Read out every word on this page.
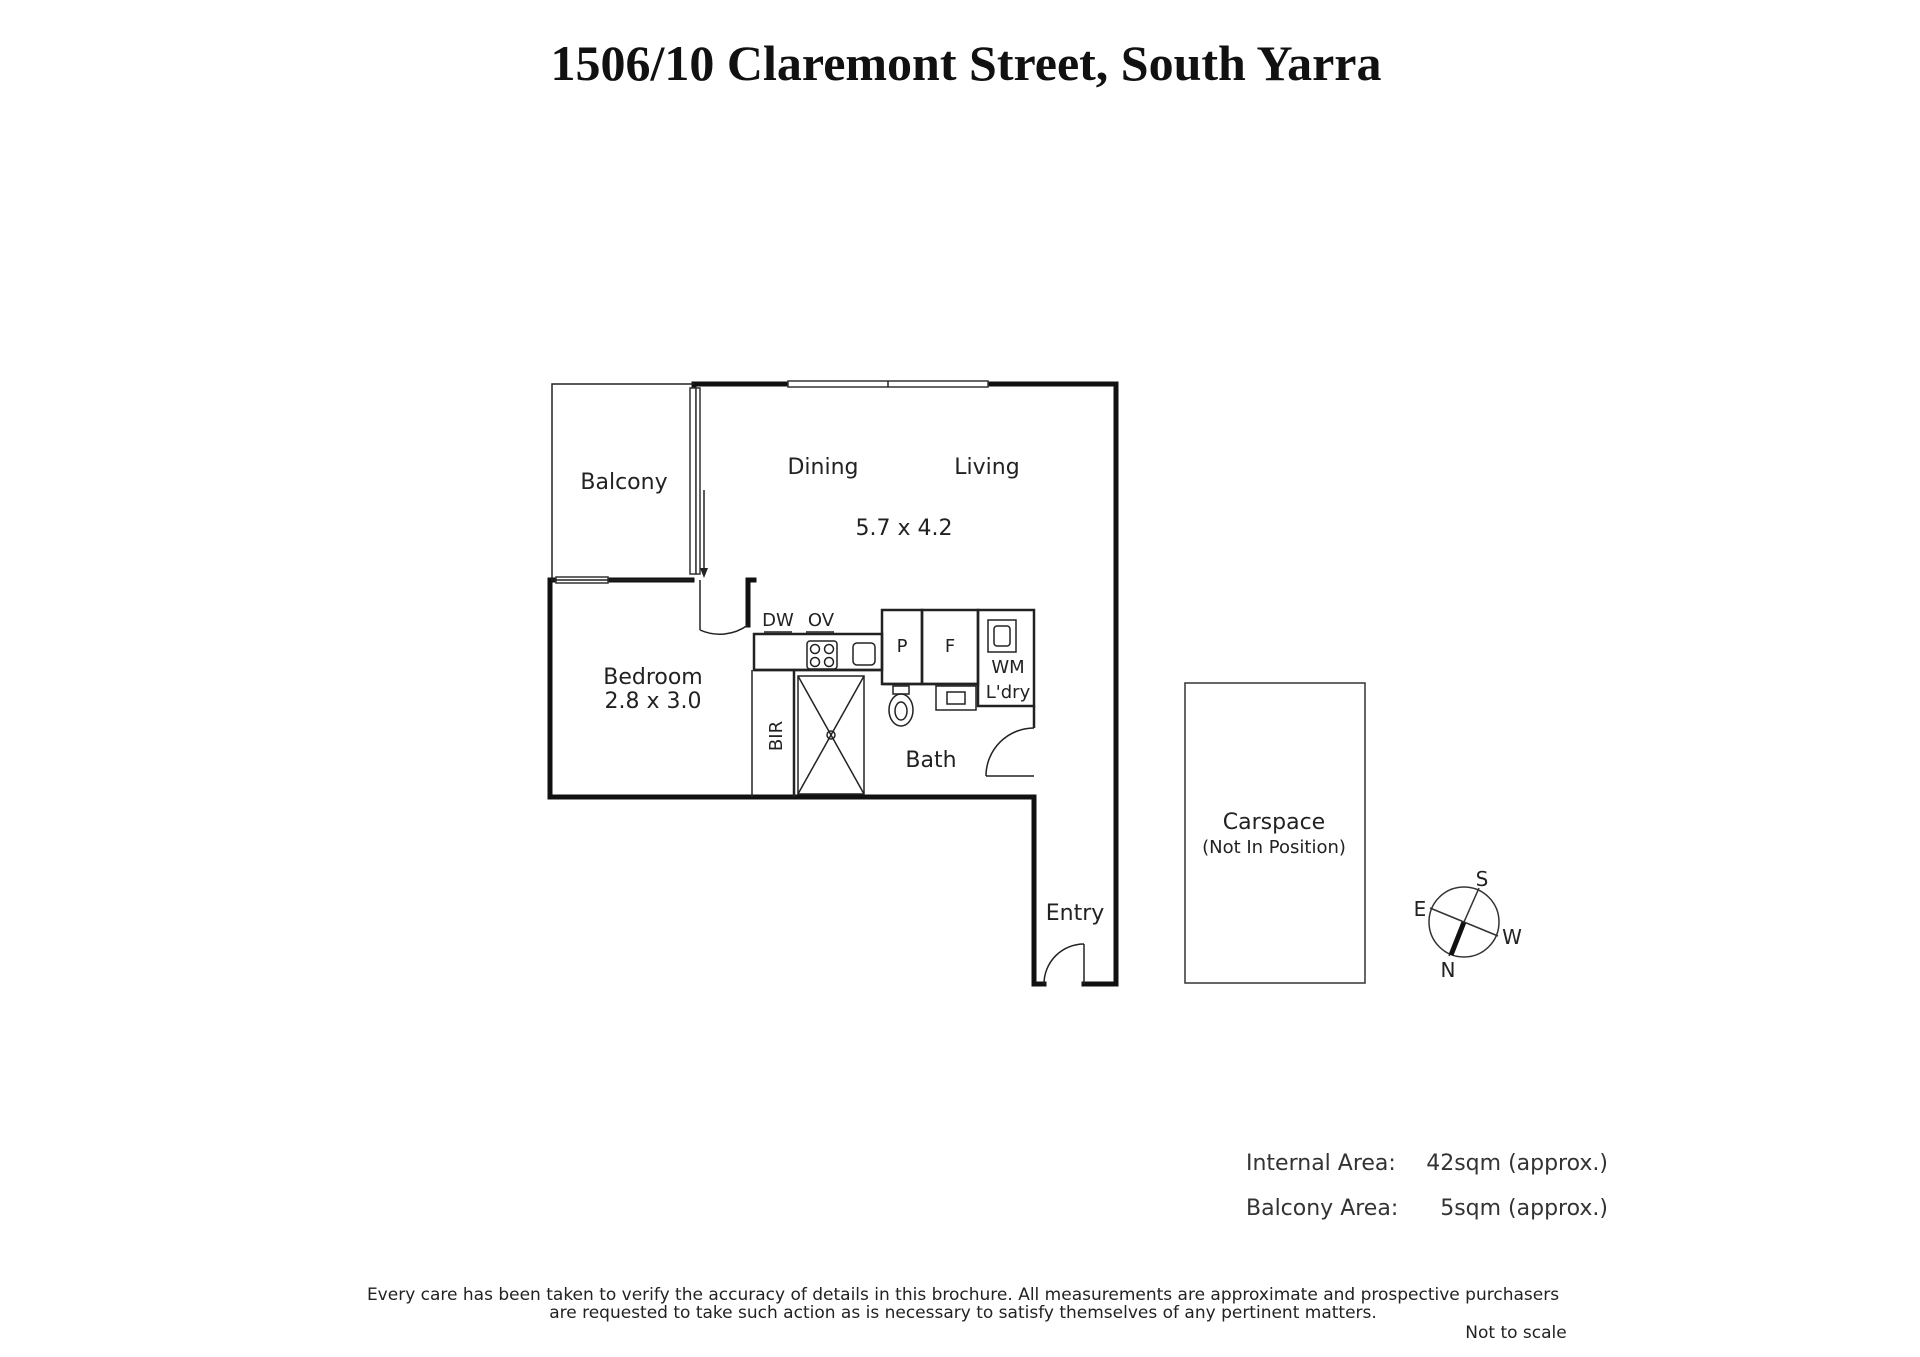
1506/10 Claremont Street, South Yarra
Balcony
Dining	Living
5.7 x 4.2
Bedroom
2.8 x 3.0
BIR
Bath
Entry
DW OV
P F
WM
L'dry
Carspace
(Not In Position)
S
E
W
N
Internal Area: 42sqm (approx.)
Balcony Area: 5sqm (approx.)
Every care has been taken to verify the accuracy of details in this brochure. All measurements are approximate and prospective purchasers
are requested to take such action as is necessary to satisfy themselves of any pertinent matters.
Not to scale
